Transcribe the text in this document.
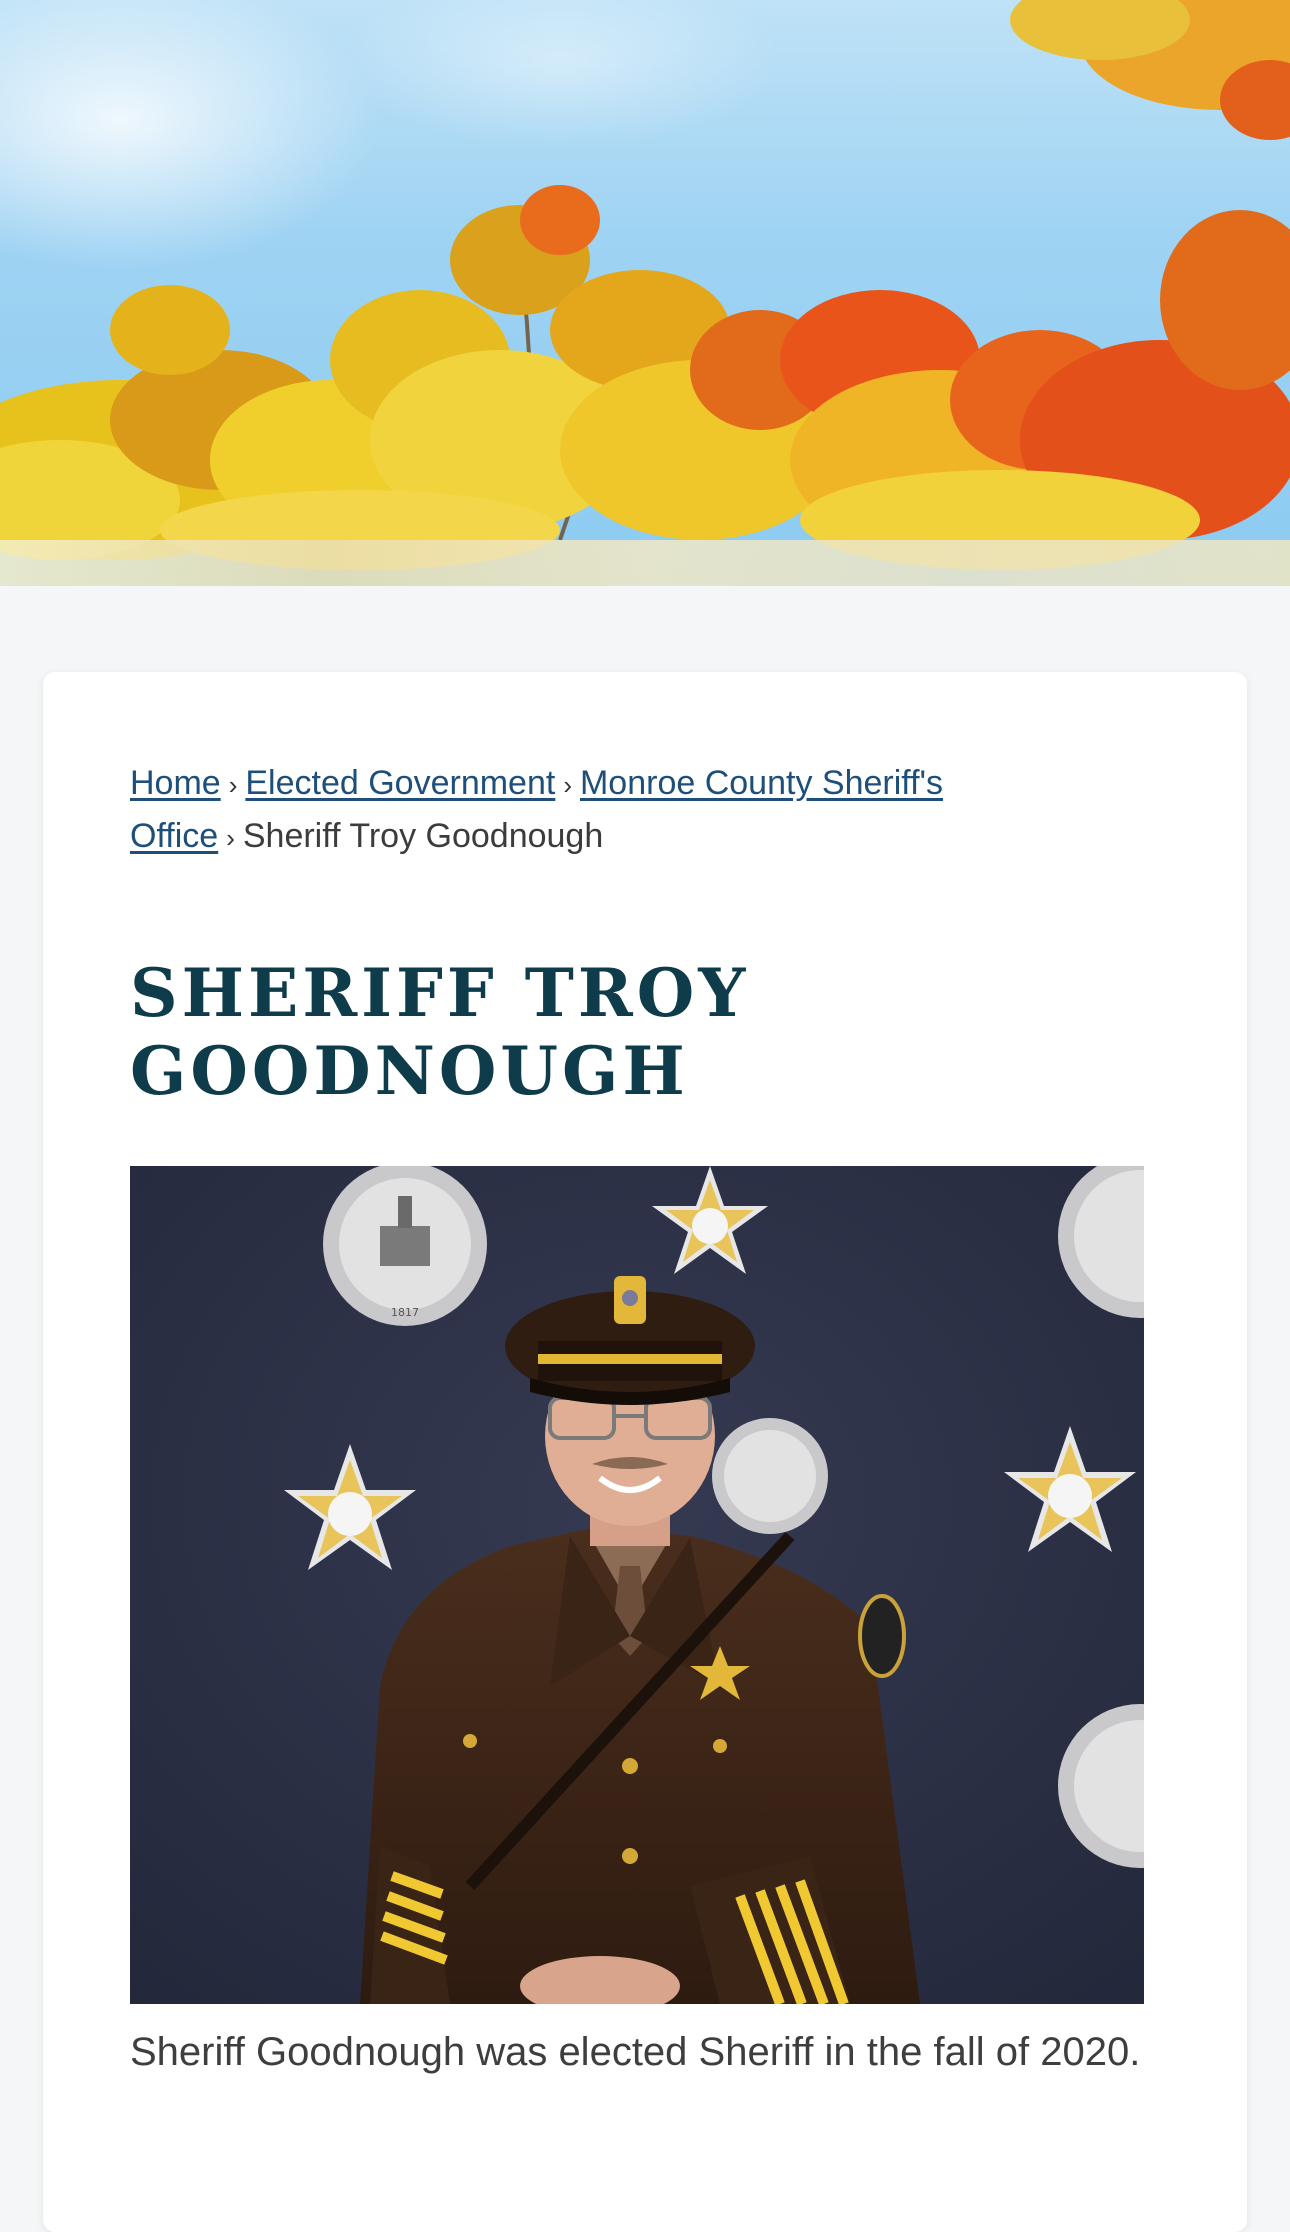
Home › Elected Government › Monroe County Sheriff's Office › Sheriff Troy Goodnough
SHERIFF TROY GOODNOUGH
1817

Sheriff Goodnough was elected Sheriff in the fall of 2020.
